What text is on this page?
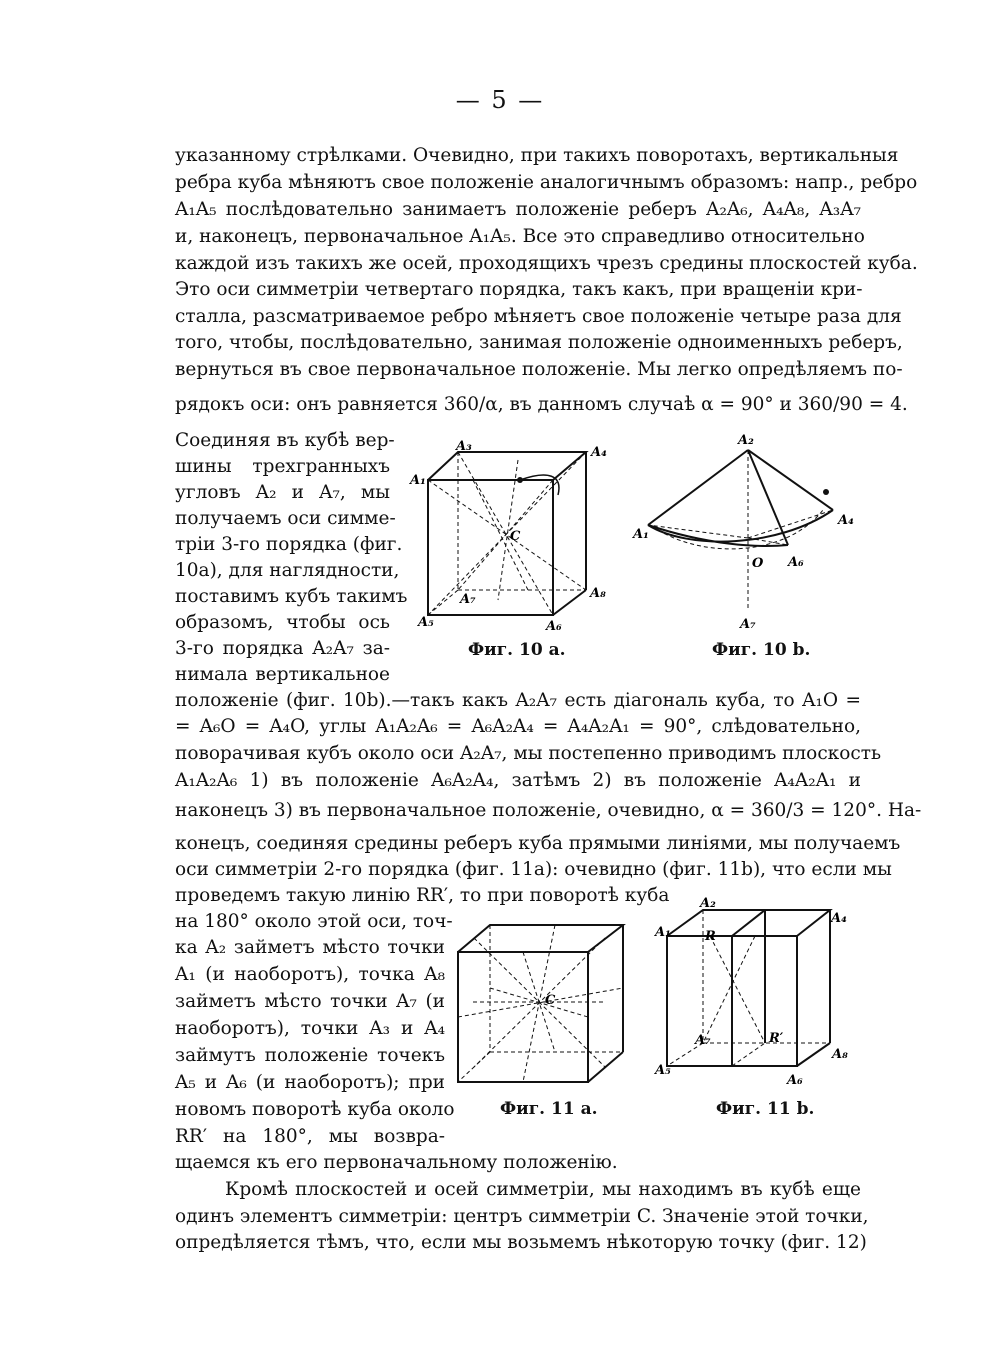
— 5 —
указанному стрѣлками. Очевидно, при такихъ поворотахъ, вертикальныя
ребра куба мѣняютъ свое положеніе аналогичнымъ образомъ: напр., ребро
A₁A₅ послѣдовательно занимаетъ положеніе реберъ A₂A₆, A₄A₈, A₃A₇
и, наконецъ, первоначальное A₁A₅. Все это справедливо относительно
каждой изъ такихъ же осей, проходящихъ чрезъ средины плоскостей куба.
Это оси симметріи четвертаго порядка, такъ какъ, при вращеніи кри-
сталла, разсматриваемое ребро мѣняетъ свое положеніе четыре раза для
того, чтобы, послѣдовательно, занимая положеніе одноименныхъ реберъ,
вернуться въ свое первоначальное положеніе. Мы легко опредѣляемъ по-
рядокъ оси: онъ равняется 360/α, въ данномъ случаѣ α = 90° и 360/90 = 4.
Соединяя въ кубѣ вер-
шины трехгранныхъ
угловъ A₂ и A₇, мы
получаемъ оси симме-
тріи 3-го порядка (фиг.
10а), для наглядности,
поставимъ кубъ такимъ
образомъ, чтобы ось
3-го порядка A₂A₇ за-
нимала вертикальное
A₃	A₄
A₁
C
A₇
A₅	A₆
A₈
Фиг. 10 a.
A₂
A₁
A₄
O A₆
A₇
Фиг. 10 b.
положеніе (фиг. 10b).—такъ какъ A₂A₇ есть діагональ куба, то A₁O =
= A₆O = A₄O, углы A₁A₂A₆ = A₆A₂A₄ = A₄A₂A₁ = 90°, слѣдовательно,
поворачивая кубъ около оси A₂A₇, мы постепенно приводимъ плоскость
A₁A₂A₆ 1) въ положеніе A₆A₂A₄, затѣмъ 2) въ положеніе A₄A₂A₁ и
наконецъ 3) въ первоначальное положеніе, очевидно, α = 360/3 = 120°. На-
конецъ, соединяя средины реберъ куба прямыми линіями, мы получаемъ
оси симметріи 2-го порядка (фиг. 11а): очевидно (фиг. 11b), что если мы
проведемъ такую линію RR′, то при поворотѣ куба
на 180° около этой оси, точ-
ка A₂ займетъ мѣсто точки
A₁ (и наоборотъ), точка A₈
займетъ мѣсто точки A₇ (и
наоборотъ), точки A₃ и A₄
займутъ положеніе точекъ
A₅ и A₆ (и наоборотъ); при
новомъ поворотѣ куба около
RR′ на 180°, мы возвра-
C
Фиг. 11 a.
A₂
A₁	R
A₄
A₇	R′
A₈
A₅
A₆
Фиг. 11 b.
щаемся къ его первоначальному положенію.
Кромѣ плоскостей и осей симметріи, мы находимъ въ кубѣ еще
одинъ элементъ симметріи: центръ симметріи C. Значеніе этой точки,
опредѣляется тѣмъ, что, если мы возьмемъ нѣкоторую точку (фиг. 12)
